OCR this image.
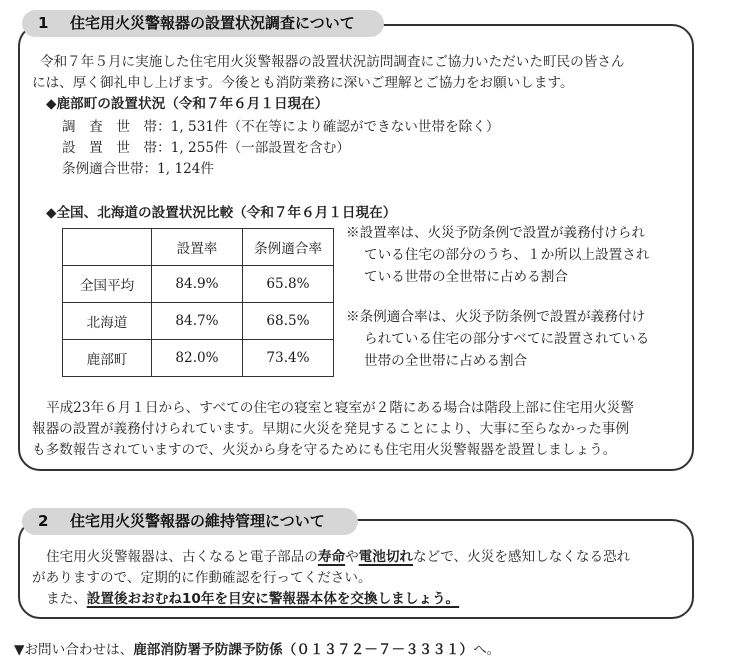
1 住宅用火災警報器の設置状況調査について
令和７年５月に実施した住宅用火災警報器の設置状況訪問調査にご協力いただいた町民の皆さん
には、厚く御礼申し上げます。今後とも消防業務に深いご理解とご協力をお願いします。
◆鹿部町の設置状況（令和７年６月１日現在）
調　査　世　帯：1, 531件（不在等により確認ができない世帯を除く）
設　置　世　帯：1, 255件（一部設置を含む）
条例適合世帯：1, 124件
◆全国、北海道の設置状況比較（令和７年６月１日現在）
	設置率	条例適合率
全国平均	84.9%	65.8%
北海道	84.7%	68.5%
鹿部町	82.0%	73.4%
※設置率は、火災予防条例で設置が義務付けられ
ている住宅の部分のうち、１か所以上設置され
ている世帯の全世帯に占める割合
※条例適合率は、火災予防条例で設置が義務付け
られている住宅の部分すべてに設置されている
世帯の全世帯に占める割合
平成23年６月１日から、すべての住宅の寝室と寝室が２階にある場合は階段上部に住宅用火災警
報器の設置が義務付けられています。早期に火災を発見することにより、大事に至らなかった事例
も多数報告されていますので、火災から身を守るためにも住宅用火災警報器を設置しましょう。
2 住宅用火災警報器の維持管理について
住宅用火災警報器は、古くなると電子部品の寿命や電池切れなどで、火災を感知しなくなる恐れ
がありますので、定期的に作動確認を行ってください。
また、設置後おおむね10年を目安に警報器本体を交換しましょう。
▼お問い合わせは、鹿部消防署予防課予防係（０１３７２－７－３３３１）へ。
